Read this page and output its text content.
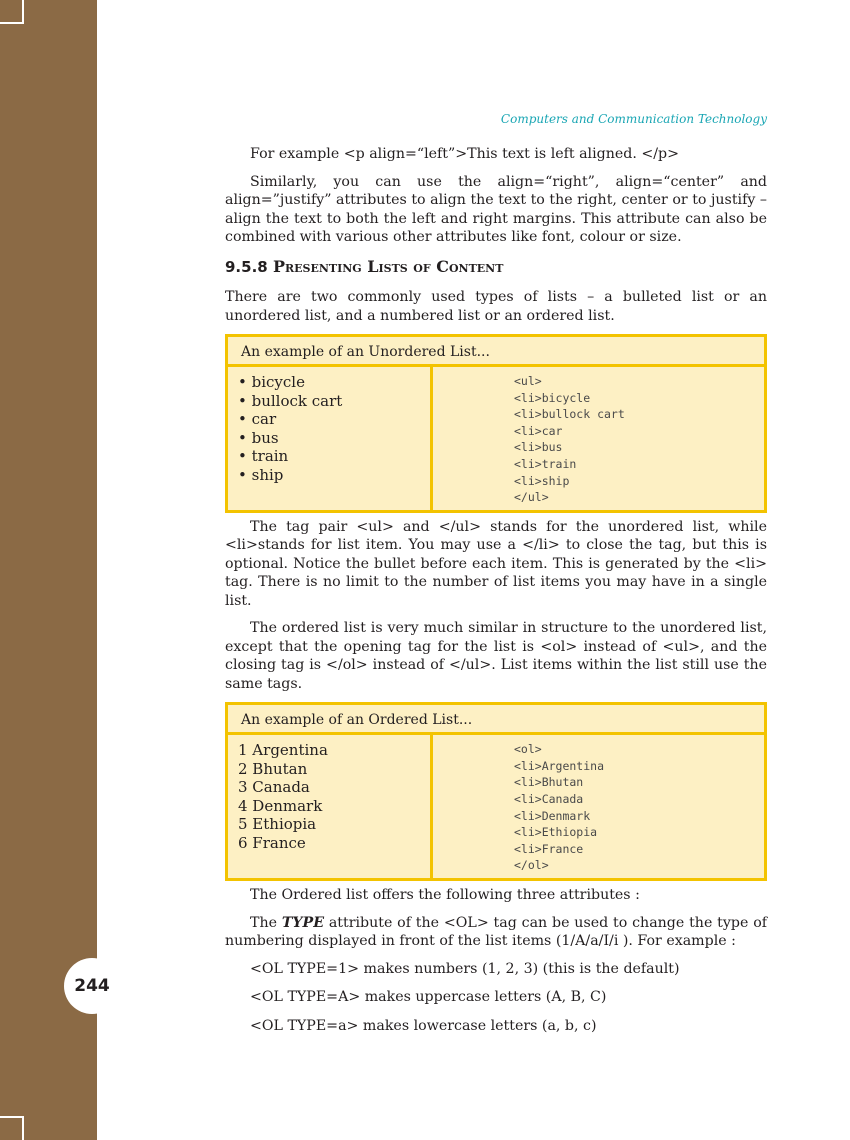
244
Computers and Communication Technology

For example <p align=“left”>This text is left aligned. </p>

Similarly, you can use the align=“right”, align=“center” and align=”justify” attributes to align the text to the right, center or to justify – align the text to both the left and right margins. This attribute can also be combined with various other attributes like font, colour or size.

9.5.8 Presenting Lists of Content

There are two commonly used types of lists – a bulleted list or an unordered list, and a numbered list or an ordered list.

An example of an Unordered List...
• bicycle
• bullock cart
• car
• bus
• train
• ship
<ul>
<li>bicycle
<li>bullock cart
<li>car
<li>bus
<li>train
<li>ship
</ul>

The tag pair <ul> and </ul> stands for the unordered list, while <li>stands for list item. You may use a </li> to close the tag, but this is optional. Notice the bullet before each item. This is generated by the <li> tag. There is no limit to the number of list items you may have in a single list.

The ordered list is very much similar in structure to the unordered list, except that the opening tag for the list is <ol> instead of <ul>, and the closing tag is </ol> instead of </ul>. List items within the list still use the same tags.

An example of an Ordered List...
1 Argentina
2 Bhutan
3 Canada
4 Denmark
5 Ethiopia
6 France
<ol>
<li>Argentina
<li>Bhutan
<li>Canada
<li>Denmark
<li>Ethiopia
<li>France
</ol>

The Ordered list offers the following three attributes :

The TYPE attribute of the <OL> tag can be used to change the type of numbering displayed in front of the list items (1/A/a/I/i ). For example :

<OL TYPE=1> makes numbers (1, 2, 3) (this is the default)

<OL TYPE=A> makes uppercase letters (A, B, C)

<OL TYPE=a> makes lowercase letters (a, b, c)
